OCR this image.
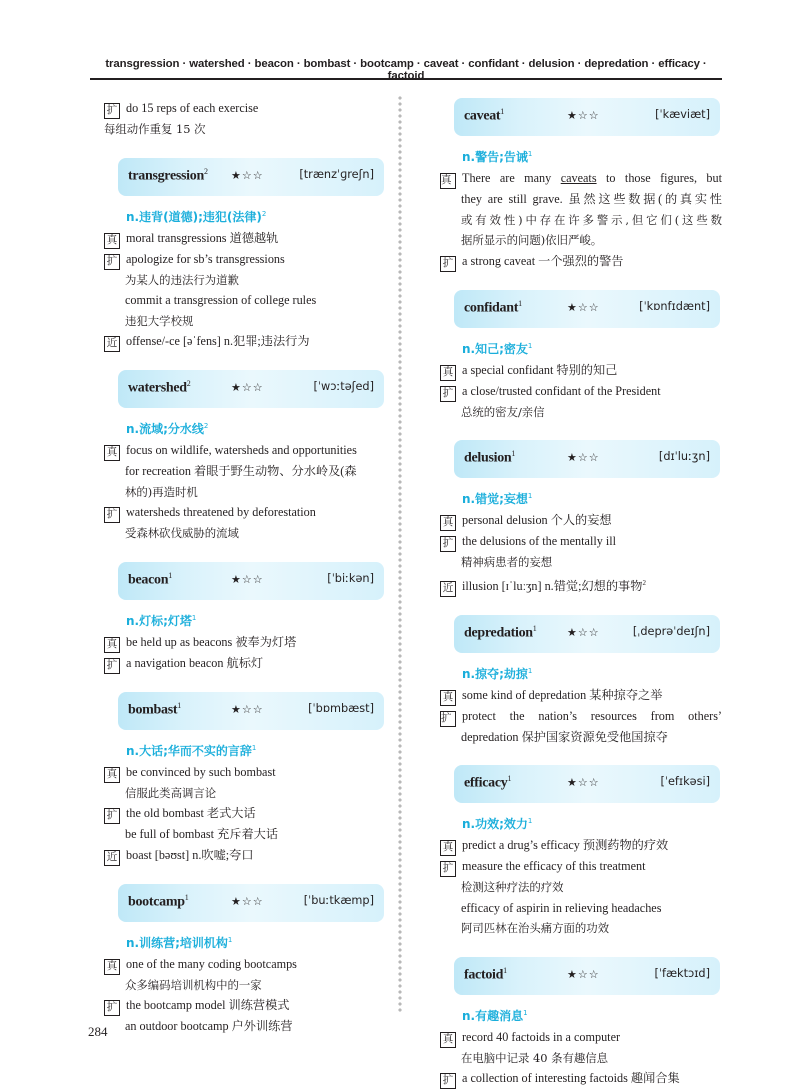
transgression · watershed · beacon · bombast · bootcamp · caveat · confidant · delusion · depredation · efficacy · factoid

扩 do 15 reps of each exercise

每组动作重复 15 次

transgression$^2$ ★☆☆	[trænzˈɡreʃn]

n.违背(道德);违犯(法律)$^2$

真 moral transgressions 道德越轨

扩 apologize for sb’s transgressions

为某人的违法行为道歉

commit a transgression of college rules

违犯大学校规

近 offense/-ce [əˈfens] n.犯罪;违法行为

watershed$^2$	★☆☆	[ˈwɔːtəʃed]

n.流域;分水线$^2$

真 focus on wildlife, watersheds and opportunities

for recreation 着眼于野生动物、分水岭及(森

林的)再造时机

扩 watersheds threatened by deforestation

受森林砍伐威胁的流域

beacon$^1$	★☆☆	[ˈbiːkən]

n.灯标;灯塔$^1$

真 be held up as beacons 被奉为灯塔

扩 a navigation beacon 航标灯

bombast$^1$	★☆☆	[ˈbɒmbæst]

n.大话;华而不实的言辞$^1$

真 be convinced by such bombast

信服此类高调言论

扩 the old bombast 老式大话

be full of bombast 充斥着大话

近 boast [bəʊst] n.吹嘘;夸口

bootcamp$^1$	★☆☆	[ˈbuːtkæmp]

n.训练营;培训机构$^1$

真 one of the many coding bootcamps

众多编码培训机构中的一家

扩 the bootcamp model 训练营模式

an outdoor bootcamp 户外训练营

caveat$^1$	★☆☆	[ˈkæviæt]

n.警告;告诫$^1$

真 There are many caveats to those figures, but

they are still grave. 虽然这些数据(的真实性

或有效性)中存在许多警示,但它们(这些数

据所显示的问题)依旧严峻。

扩 a strong caveat 一个强烈的警告

confidant$^1$	★☆☆	[ˈkɒnfɪdænt]

n.知己;密友$^1$

真 a special confidant 特别的知己

扩 a close/trusted confidant of the President

总统的密友/亲信

delusion$^1$	★☆☆	[dɪˈluːʒn]

n.错觉;妄想$^1$

真 personal delusion 个人的妄想

扩 the delusions of the mentally ill

精神病患者的妄想

近 illusion [ɪˈluːʒn] n.错觉;幻想的事物$^2$

depredation$^1$	★☆☆	[ˌdeprəˈdeɪʃn]

n.掠夺;劫掠$^1$

真 some kind of depredation 某种掠夺之举

扩 protect the nation’s resources from others’

depredation 保护国家资源免受他国掠夺

efficacy$^1$	★☆☆	[ˈefɪkəsi]

n.功效;效力$^1$

真 predict a drug’s efficacy 预测药物的疗效

扩 measure the efficacy of this treatment

检测这种疗法的疗效

efficacy of aspirin in relieving headaches

阿司匹林在治头痛方面的功效

factoid$^1$	★☆☆	[ˈfæktɔɪd]

n.有趣消息$^1$

真 record 40 factoids in a computer

在电脑中记录 40 条有趣信息

扩 a collection of interesting factoids 趣闻合集

284
